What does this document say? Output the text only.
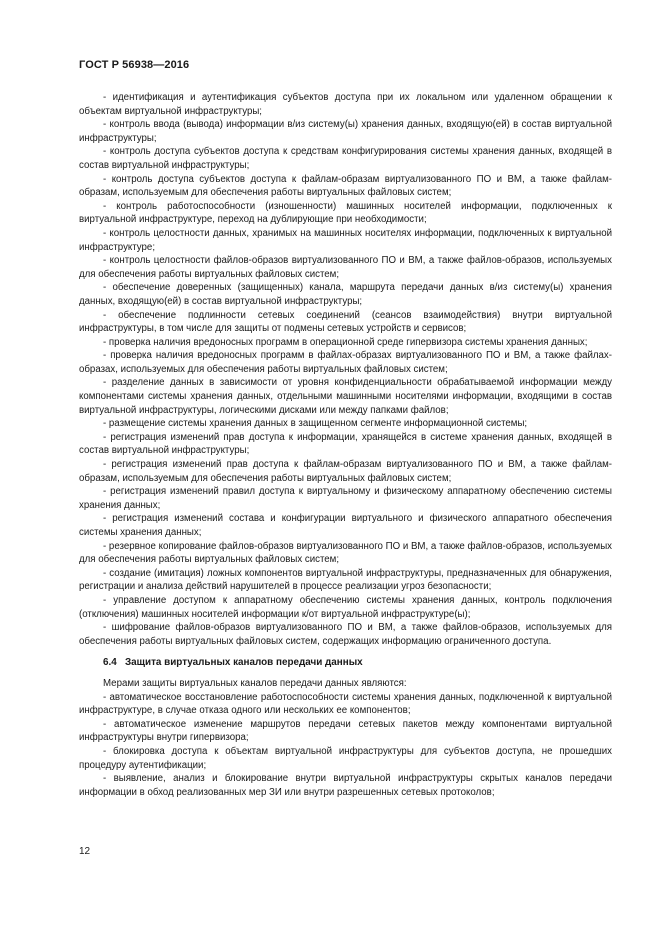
ГОСТ Р 56938—2016

- идентификация и аутентификация субъектов доступа при их локальном или удаленном обращении к объектам виртуальной инфраструктуры;

- контроль ввода (вывода) информации в/из систему(ы) хранения данных, входящую(ей) в состав виртуальной инфраструктуры;

- контроль доступа субъектов доступа к средствам конфигурирования системы хранения данных, входящей в состав виртуальной инфраструктуры;

- контроль доступа субъектов доступа к файлам-образам виртуализованного ПО и ВМ, а также файлам-образам, используемым для обеспечения работы виртуальных файловых систем;

- контроль работоспособности (изношенности) машинных носителей информации, подключенных к виртуальной инфраструктуре, переход на дублирующие при необходимости;

- контроль целостности данных, хранимых на машинных носителях информации, подключенных к виртуальной инфраструктуре;

- контроль целостности файлов-образов виртуализованного ПО и ВМ, а также файлов-образов, используемых для обеспечения работы виртуальных файловых систем;

- обеспечение доверенных (защищенных) канала, маршрута передачи данных в/из систему(ы) хранения данных, входящую(ей) в состав виртуальной инфраструктуры;

- обеспечение подлинности сетевых соединений (сеансов взаимодействия) внутри виртуальной инфраструктуры, в том числе для защиты от подмены сетевых устройств и сервисов;

- проверка наличия вредоносных программ в операционной среде гипервизора системы хранения данных;

- проверка наличия вредоносных программ в файлах-образах виртуализованного ПО и ВМ, а также файлах-образах, используемых для обеспечения работы виртуальных файловых систем;

- разделение данных в зависимости от уровня конфиденциальности обрабатываемой информации между компонентами системы хранения данных, отдельными машинными носителями информации, входящими в состав виртуальной инфраструктуры, логическими дисками или между папками файлов;

- размещение системы хранения данных в защищенном сегменте информационной системы;

- регистрация изменений прав доступа к информации, хранящейся в системе хранения данных, входящей в состав виртуальной инфраструктуры;

- регистрация изменений прав доступа к файлам-образам виртуализованного ПО и ВМ, а также файлам-образам, используемым для обеспечения работы виртуальных файловых систем;

- регистрация изменений правил доступа к виртуальному и физическому аппаратному обеспечению системы хранения данных;

- регистрация изменений состава и конфигурации виртуального и физического аппаратного обеспечения системы хранения данных;

- резервное копирование файлов-образов виртуализованного ПО и ВМ, а также файлов-образов, используемых для обеспечения работы виртуальных файловых систем;

- создание (имитация) ложных компонентов виртуальной инфраструктуры, предназначенных для обнаружения, регистрации и анализа действий нарушителей в процессе реализации угроз безопасности;

- управление доступом к аппаратному обеспечению системы хранения данных, контроль подключения (отключения) машинных носителей информации к/от виртуальной инфраструктуре(ы);

- шифрование файлов-образов виртуализованного ПО и ВМ, а также файлов-образов, используемых для обеспечения работы виртуальных файловых систем, содержащих информацию ограниченного доступа.

6.4 Защита виртуальных каналов передачи данных

Мерами защиты виртуальных каналов передачи данных являются:

- автоматическое восстановление работоспособности системы хранения данных, подключенной к виртуальной инфраструктуре, в случае отказа одного или нескольких ее компонентов;

- автоматическое изменение маршрутов передачи сетевых пакетов между компонентами виртуальной инфраструктуры внутри гипервизора;

- блокировка доступа к объектам виртуальной инфраструктуры для субъектов доступа, не прошедших процедуру аутентификации;

- выявление, анализ и блокирование внутри виртуальной инфраструктуры скрытых каналов передачи информации в обход реализованных мер ЗИ или внутри разрешенных сетевых протоколов;

12
